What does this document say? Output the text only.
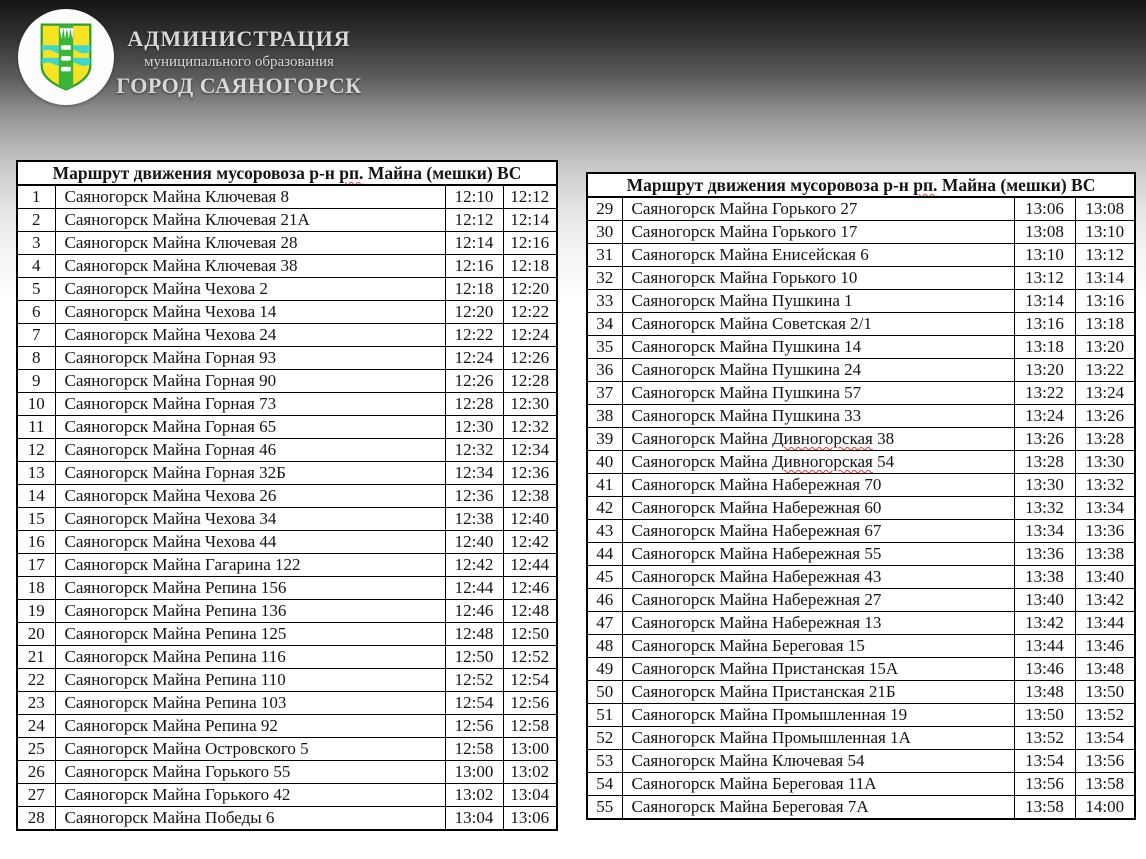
АДМИНИСТРАЦИЯ
муниципального образования
ГОРОД САЯНОГОРСК
Маршрут движения мусоровоза р-н рп. Майна (мешки) ВС			
1	Саяногорск Майна Ключевая 8	12:10	12:12
2	Саяногорск Майна Ключевая 21А	12:12	12:14
3	Саяногорск Майна Ключевая 28	12:14	12:16
4	Саяногорск Майна Ключевая 38	12:16	12:18
5	Саяногорск Майна Чехова 2	12:18	12:20
6	Саяногорск Майна Чехова 14	12:20	12:22
7	Саяногорск Майна Чехова 24	12:22	12:24
8	Саяногорск Майна Горная 93	12:24	12:26
9	Саяногорск Майна Горная 90	12:26	12:28
10	Саяногорск Майна Горная 73	12:28	12:30
11	Саяногорск Майна Горная 65	12:30	12:32
12	Саяногорск Майна Горная 46	12:32	12:34
13	Саяногорск Майна Горная 32Б	12:34	12:36
14	Саяногорск Майна Чехова 26	12:36	12:38
15	Саяногорск Майна Чехова 34	12:38	12:40
16	Саяногорск Майна Чехова 44	12:40	12:42
17	Саяногорск Майна Гагарина 122	12:42	12:44
18	Саяногорск Майна Репина 156	12:44	12:46
19	Саяногорск Майна Репина 136	12:46	12:48
20	Саяногорск Майна Репина 125	12:48	12:50
21	Саяногорск Майна Репина 116	12:50	12:52
22	Саяногорск Майна Репина 110	12:52	12:54
23	Саяногорск Майна Репина 103	12:54	12:56
24	Саяногорск Майна Репина 92	12:56	12:58
25	Саяногорск Майна Островского 5	12:58	13:00
26	Саяногорск Майна Горького 55	13:00	13:02
27	Саяногорск Майна Горького 42	13:02	13:04
28	Саяногорск Майна Победы 6	13:04	13:06
Маршрут движения мусоровоза р-н рп. Майна (мешки) ВС			
29	Саяногорск Майна Горького 27	13:06	13:08
30	Саяногорск Майна Горького 17	13:08	13:10
31	Саяногорск Майна Енисейская 6	13:10	13:12
32	Саяногорск Майна Горького 10	13:12	13:14
33	Саяногорск Майна Пушкина 1	13:14	13:16
34	Саяногорск Майна Советская 2/1	13:16	13:18
35	Саяногорск Майна Пушкина 14	13:18	13:20
36	Саяногорск Майна Пушкина 24	13:20	13:22
37	Саяногорск Майна Пушкина 57	13:22	13:24
38	Саяногорск Майна Пушкина 33	13:24	13:26
39	Саяногорск Майна Дивногорская 38	13:26	13:28
40	Саяногорск Майна Дивногорская 54	13:28	13:30
41	Саяногорск Майна Набережная 70	13:30	13:32
42	Саяногорск Майна Набережная 60	13:32	13:34
43	Саяногорск Майна Набережная 67	13:34	13:36
44	Саяногорск Майна Набережная 55	13:36	13:38
45	Саяногорск Майна Набережная 43	13:38	13:40
46	Саяногорск Майна Набережная 27	13:40	13:42
47	Саяногорск Майна Набережная 13	13:42	13:44
48	Саяногорск Майна Береговая 15	13:44	13:46
49	Саяногорск Майна Пристанская 15А	13:46	13:48
50	Саяногорск Майна Пристанская 21Б	13:48	13:50
51	Саяногорск Майна Промышленная 19	13:50	13:52
52	Саяногорск Майна Промышленная 1А	13:52	13:54
53	Саяногорск Майна Ключевая 54	13:54	13:56
54	Саяногорск Майна Береговая 11А	13:56	13:58
55	Саяногорск Майна Береговая 7А	13:58	14:00
